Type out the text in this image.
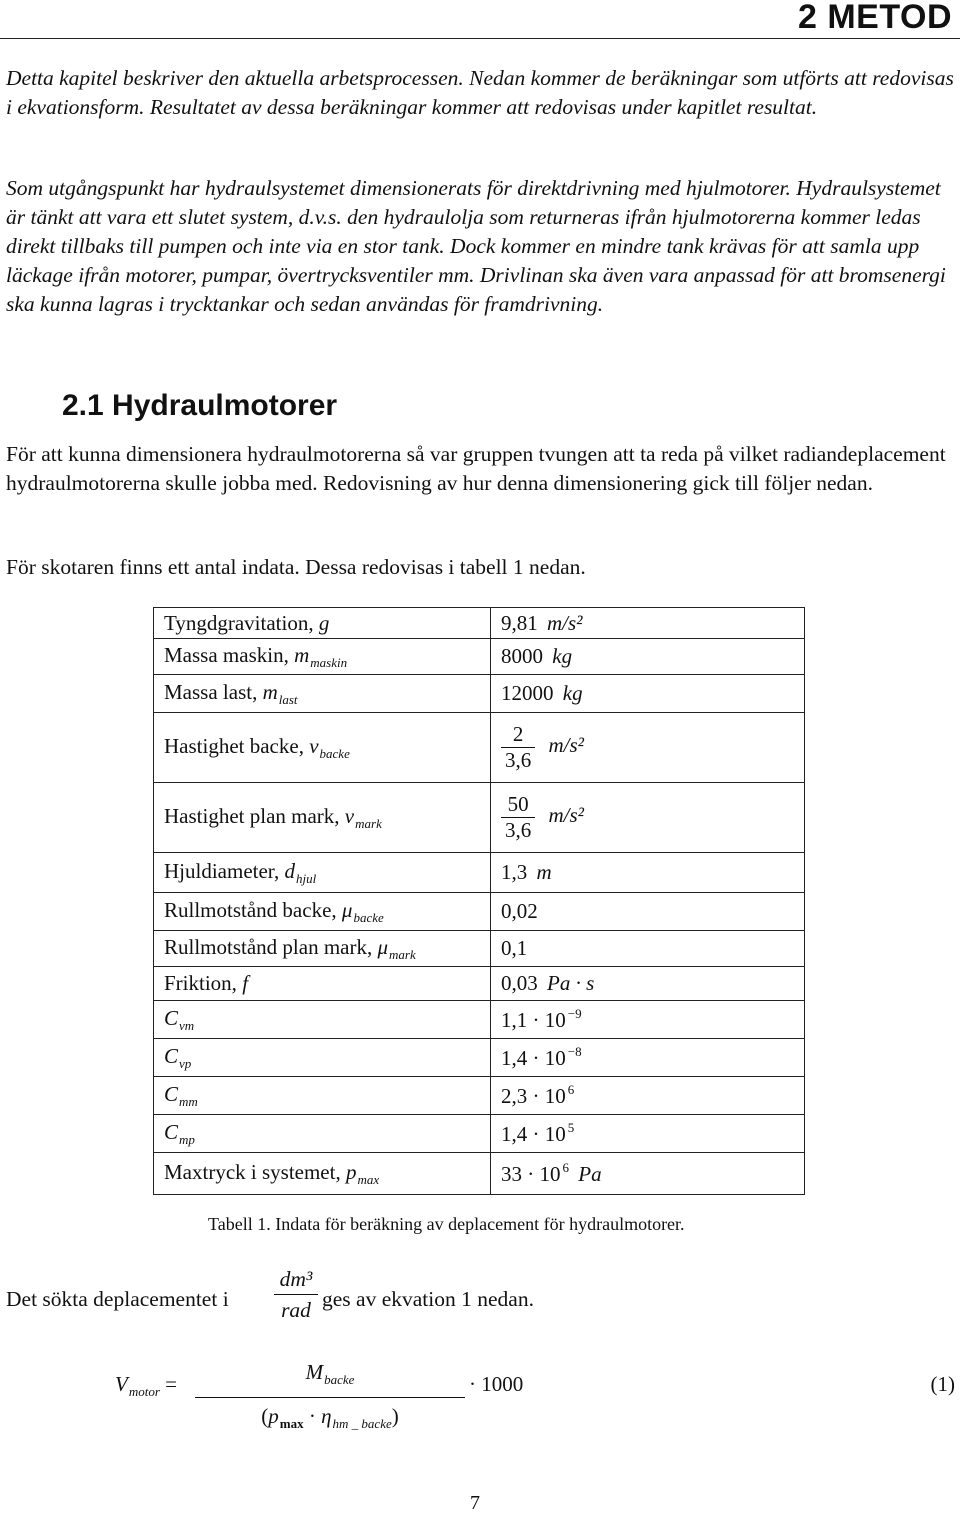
2 METOD
Detta kapitel beskriver den aktuella arbetsprocessen. Nedan kommer de beräkningar som utförts att redovisas i ekvationsform. Resultatet av dessa beräkningar kommer att redovisas under kapitlet resultat.
Som utgångspunkt har hydraulsystemet dimensionerats för direktdrivning med hjulmotorer. Hydraulsystemet är tänkt att vara ett slutet system, d.v.s. den hydraulolja som returneras ifrån hjulmotorerna kommer ledas direkt tillbaks till pumpen och inte via en stor tank. Dock kommer en mindre tank krävas för att samla upp läckage ifrån motorer, pumpar, övertrycksventiler mm. Drivlinan ska även vara anpassad för att bromsenergi ska kunna lagras i trycktankar och sedan användas för framdrivning.
2.1 Hydraulmotorer
För att kunna dimensionera hydraulmotorerna så var gruppen tvungen att ta reda på vilket radiandeplacement hydraulmotorerna skulle jobba med. Redovisning av hur denna dimensionering gick till följer nedan.
För skotaren finns ett antal indata. Dessa redovisas i tabell 1 nedan.
Tyngdgravitation, g	9,81 m/s²
Massa maskin, $m_{maskin}$	8000 kg
Massa last, $m_{last}$	12000 kg
Hastighet backe, $v_{backe}$	$\frac{2}{3,6} m/s^2$
Hastighet plan mark, $v_{mark}$	$\frac{50}{3,6} m/s^2$
Hjuldiameter, $d_{hjul}$	1,3 m
Rullmotstånd backe, $\mu_{backe}$	0,02
Rullmotstånd plan mark, $\mu_{mark}$	0,1
Friktion, f	0,03 Pa · s
$C_{vm}$	1,1 · 10 $^{-9}$
$C_{vp}$	1,4 · 10 $^{-8}$
$C_{mm}$	2,3 · 10 $^6$
$C_{mp}$	1,4 · 10 $^5$
Maxtryck i systemet, $p_{max}$	33 · 10 $^6$ Pa
Tabell 1. Indata för beräkning av deplacement för hydraulmotorer.
Det sökta deplacementet i
dm³
rad ges av ekvation 1 nedan.
$V_{motor}$ =	$M_{backe}$
$(p_{max} \cdot \eta_{hm \_ backe})$
· 1000	(1)
7
